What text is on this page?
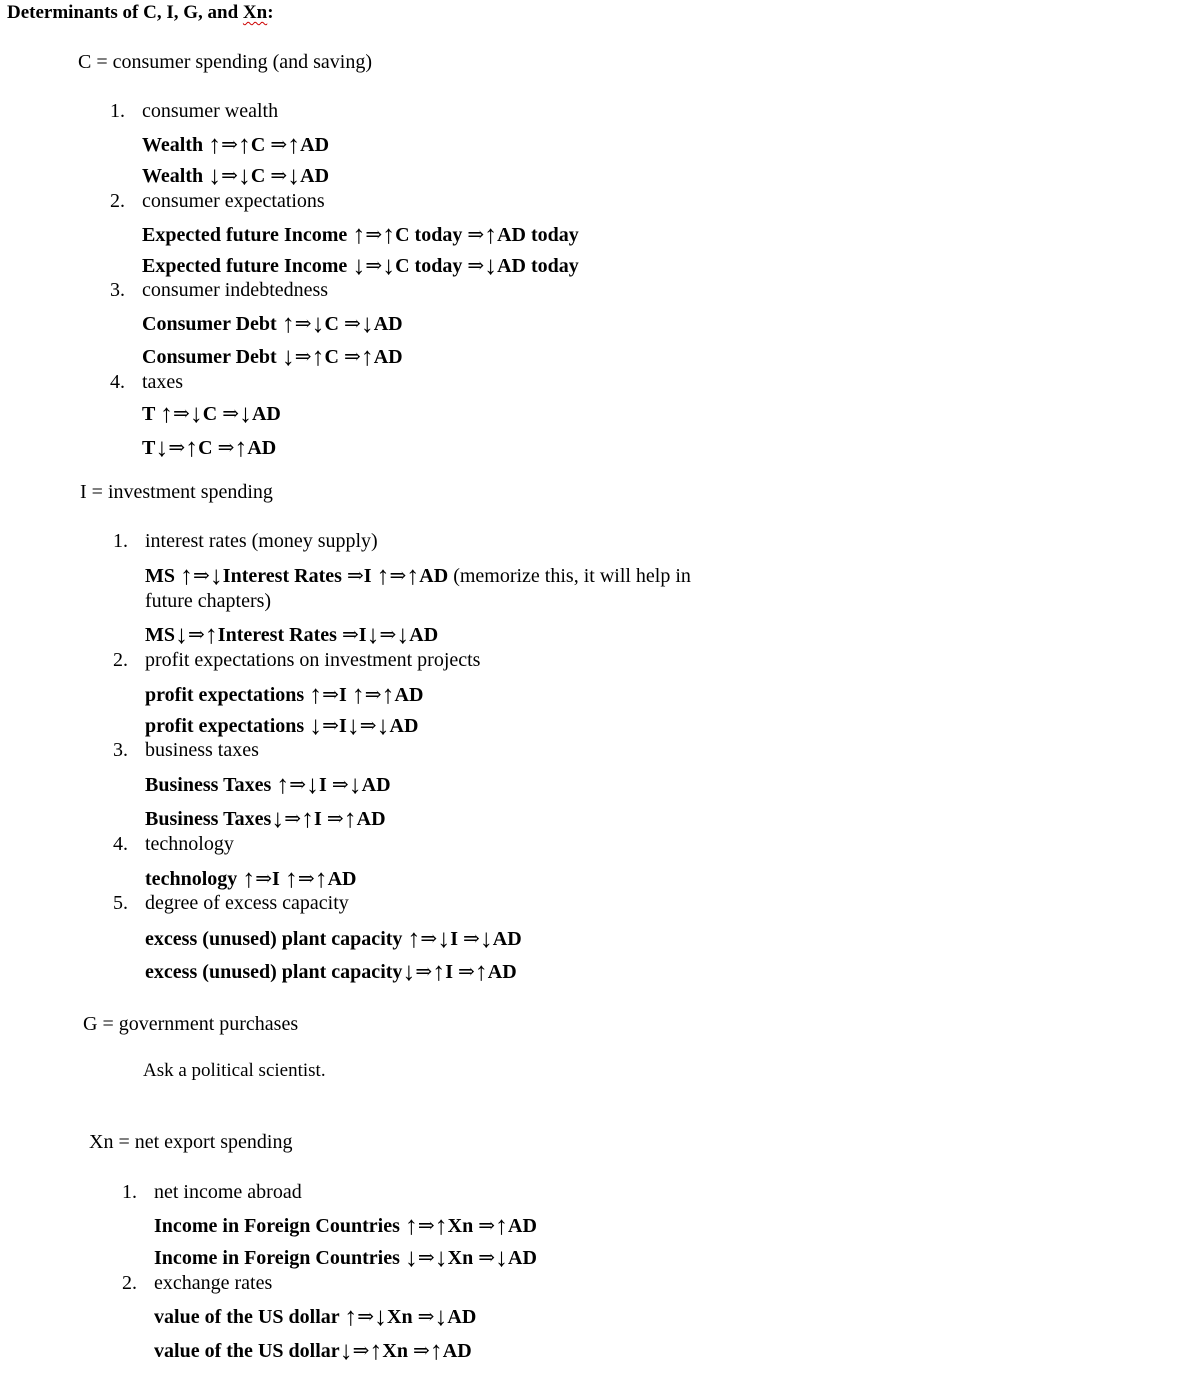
Determinants of C, I, G, and Xn:
C = consumer spending (and saving)
1. consumer wealth
Wealth ↑⇒↑C ⇒↑AD
Wealth ↓⇒↓C ⇒↓AD
2. consumer expectations
Expected future Income ↑⇒↑C today ⇒↑AD today
Expected future Income ↓⇒↓C today ⇒↓AD today
3. consumer indebtedness
Consumer Debt ↑⇒↓C ⇒↓AD
Consumer Debt ↓⇒↑C ⇒↑AD
4. taxes
T ↑⇒↓C ⇒↓AD
T↓⇒↑C ⇒↑AD
I = investment spending
1. interest rates (money supply)
MS ↑⇒↓Interest Rates ⇒I ↑⇒↑AD (memorize this, it will help in
future chapters)
MS↓⇒↑Interest Rates ⇒I↓⇒↓AD
2. profit expectations on investment projects
profit expectations ↑⇒I ↑⇒↑AD
profit expectations ↓⇒I↓⇒↓AD
3. business taxes
Business Taxes ↑⇒↓I ⇒↓AD
Business Taxes↓⇒↑I ⇒↑AD
4. technology
technology ↑⇒I ↑⇒↑AD
5. degree of excess capacity
excess (unused) plant capacity ↑⇒↓I ⇒↓AD
excess (unused) plant capacity↓⇒↑I ⇒↑AD
G = government purchases
Ask a political scientist.
Xn = net export spending
1. net income abroad
Income in Foreign Countries ↑⇒↑Xn ⇒↑AD
Income in Foreign Countries ↓⇒↓Xn ⇒↓AD
2. exchange rates
value of the US dollar ↑⇒↓Xn ⇒↓AD
value of the US dollar↓⇒↑Xn ⇒↑AD
